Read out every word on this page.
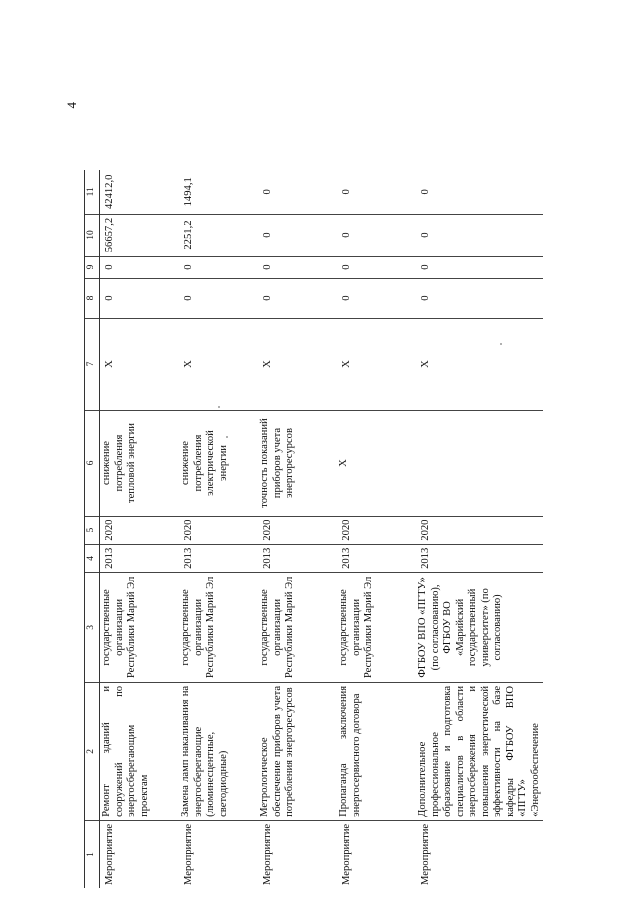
4
1	2	3	4	5	6	7	8	9	10	11
Мероприятие	Ремонт зданий и сооружений по энергосберегающим проектам	государственные организации Республики Марий Эл	2013	2020	снижение потребления тепловой энергии	X	0	0	56657,2	42412,0
Мероприятие	Замена ламп накаливания на энергосберегающие (люминесцентные, светодиодные)	государственные организации Республики Марий Эл	2013	2020	снижение потребления электрической энергии	X	0	0	2251,2	1494,1
Мероприятие	Метрологическое обеспечение приборов учета потребления энергоресурсов	государственные организации Республики Марий Эл	2013	2020	точность показаний приборов учета энергоресурсов	X	0	0	0	0
Мероприятие	Пропаганда заключения энергосервисного договора	государственные организации Республики Марий Эл	2013	2020	X	X	0	0	0	0
Мероприятие	Дополнительное профессиональное образование и подготовка специалистов в области энергосбережения и повышения энергетической эффективности на базе кафедры ФГБОУ ВПО «ПГТУ» «Энергообеспечение	ФГБОУ ВПО «ПГТУ» (по согласованию), ФГБОУ ВО «Марийский государственный университет» (по согласованию)	2013	2020		X	0	0	0	0
